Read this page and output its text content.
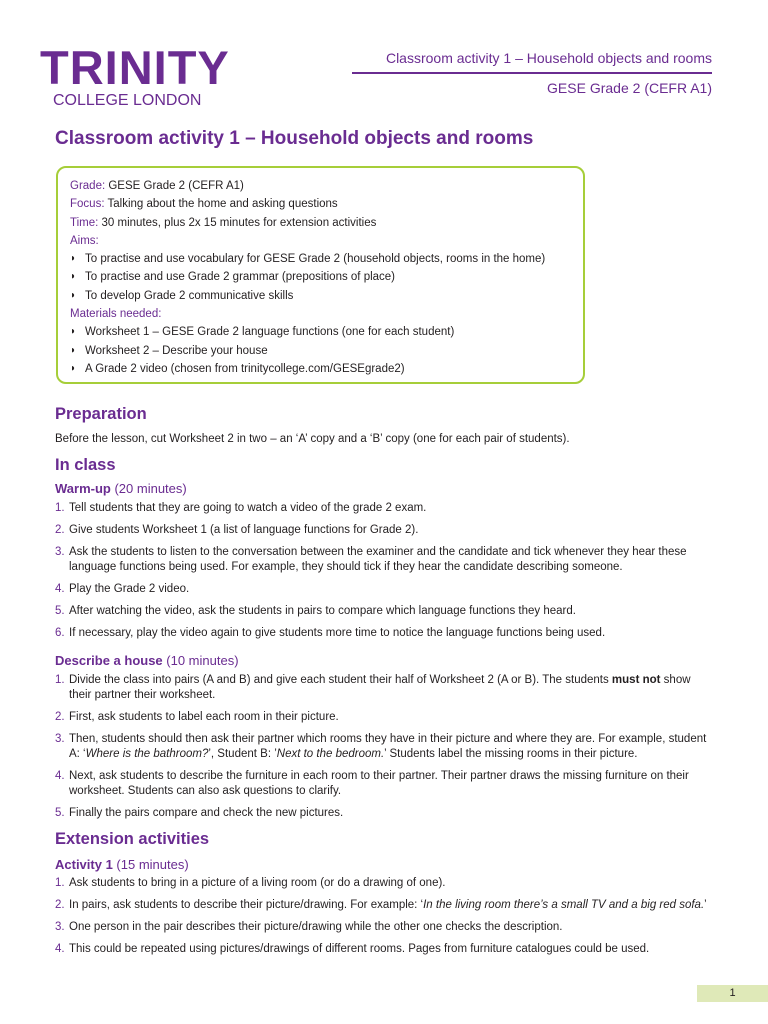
TRINITY
COLLEGE LONDON
Classroom activity 1 – Household objects and rooms
GESE Grade 2 (CEFR A1)
Classroom activity 1 – Household objects and rooms
Grade: GESE Grade 2 (CEFR A1)
Focus: Talking about the home and asking questions
Time: 30 minutes, plus 2x 15 minutes for extension activities
Aims:
◗ To practise and use vocabulary for GESE Grade 2 (household objects, rooms in the home)
◗ To practise and use Grade 2 grammar (prepositions of place)
◗ To develop Grade 2 communicative skills
Materials needed:
◗ Worksheet 1 – GESE Grade 2 language functions (one for each student)
◗ Worksheet 2 – Describe your house
◗ A Grade 2 video (chosen from trinitycollege.com/GESEgrade2)
Preparation

Before the lesson, cut Worksheet 2 in two – an ‘A’ copy and a ‘B’ copy (one for each pair of students).

In class
Warm-up (20 minutes)
1. Tell students that they are going to watch a video of the grade 2 exam.
2. Give students Worksheet 1 (a list of language functions for Grade 2).
3. Ask the students to listen to the conversation between the examiner and the candidate and tick whenever they hear these language functions being used. For example, they should tick if they hear the candidate describing someone.
4. Play the Grade 2 video.
5. After watching the video, ask the students in pairs to compare which language functions they heard.
6. If necessary, play the video again to give students more time to notice the language functions being used.
Describe a house (10 minutes)
1. Divide the class into pairs (A and B) and give each student their half of Worksheet 2 (A or B). The students must not show their partner their worksheet.
2. First, ask students to label each room in their picture.
3. Then, students should then ask their partner which rooms they have in their picture and where they are. For example, student A: ‘Where is the bathroom?’, Student B: ’Next to the bedroom.’ Students label the missing rooms in their picture.
4. Next, ask students to describe the furniture in each room to their partner. Their partner draws the missing furniture on their worksheet. Students can also ask questions to clarify.
5. Finally the pairs compare and check the new pictures.
Extension activities
Activity 1 (15 minutes)
1. Ask students to bring in a picture of a living room (or do a drawing of one).
2. In pairs, ask students to describe their picture/drawing. For example: ‘In the living room there’s a small TV and a big red sofa.’
3. One person in the pair describes their picture/drawing while the other one checks the description.
4. This could be repeated using pictures/drawings of different rooms. Pages from furniture catalogues could be used.
1
